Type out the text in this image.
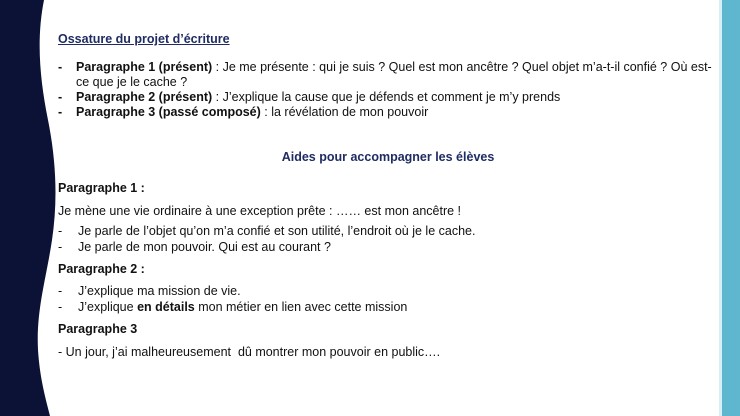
Ossature du projet d’écriture
- Paragraphe 1 (présent) : Je me présente : qui je suis ? Quel est mon ancêtre ? Quel objet m’a-t-il confié ? Où est-ce que je le cache ?
- Paragraphe 2 (présent) : J’explique la cause que je défends et comment je m’y prends
- Paragraphe 3 (passé composé) : la révélation de mon pouvoir
Aides pour accompagner les élèves
Paragraphe 1 :
Je mène une vie ordinaire à une exception prête : …… est mon ancêtre !
- Je parle de l’objet qu’on m’a confié et son utilité, l’endroit où je le cache.
- Je parle de mon pouvoir. Qui est au courant ?
Paragraphe 2 :
- J’explique ma mission de vie.
- J’explique en détails mon métier en lien avec cette mission
Paragraphe 3
- Un jour, j’ai malheureusement  dû montrer mon pouvoir en public….
